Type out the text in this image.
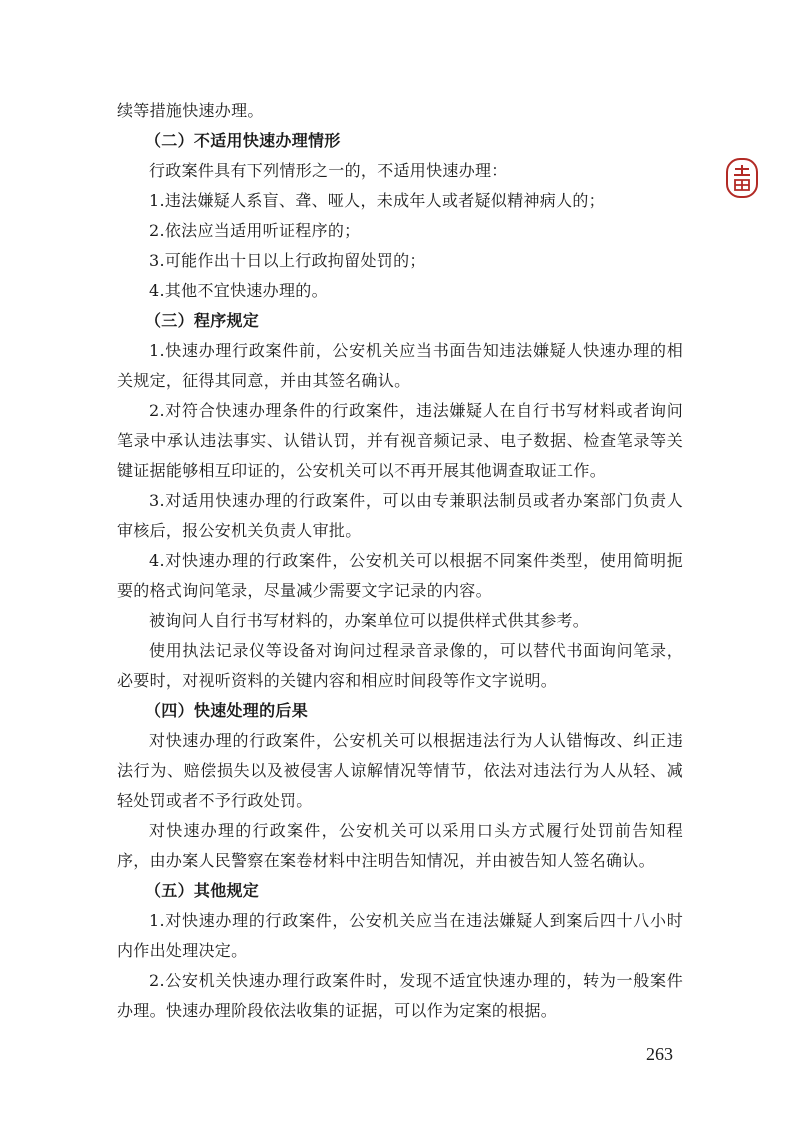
续等措施快速办理。

（二）不适用快速办理情形

行政案件具有下列情形之一的，不适用快速办理：

1.违法嫌疑人系盲、聋、哑人，未成年人或者疑似精神病人的；

2.依法应当适用听证程序的；

3.可能作出十日以上行政拘留处罚的；

4.其他不宜快速办理的。

（三）程序规定

1.快速办理行政案件前，公安机关应当书面告知违法嫌疑人快速办理的相关规定，征得其同意，并由其签名确认。

2.对符合快速办理条件的行政案件，违法嫌疑人在自行书写材料或者询问笔录中承认违法事实、认错认罚，并有视音频记录、电子数据、检查笔录等关键证据能够相互印证的，公安机关可以不再开展其他调查取证工作。

3.对适用快速办理的行政案件，可以由专兼职法制员或者办案部门负责人审核后，报公安机关负责人审批。

4.对快速办理的行政案件，公安机关可以根据不同案件类型，使用简明扼要的格式询问笔录，尽量减少需要文字记录的内容。

被询问人自行书写材料的，办案单位可以提供样式供其参考。

使用执法记录仪等设备对询问过程录音录像的，可以替代书面询问笔录，必要时，对视听资料的关键内容和相应时间段等作文字说明。

（四）快速处理的后果

对快速办理的行政案件，公安机关可以根据违法行为人认错悔改、纠正违法行为、赔偿损失以及被侵害人谅解情况等情节，依法对违法行为人从轻、减轻处罚或者不予行政处罚。

对快速办理的行政案件，公安机关可以采用口头方式履行处罚前告知程序，由办案人民警察在案卷材料中注明告知情况，并由被告知人签名确认。

（五）其他规定

1.对快速办理的行政案件，公安机关应当在违法嫌疑人到案后四十八小时内作出处理决定。

2.公安机关快速办理行政案件时，发现不适宜快速办理的，转为一般案件办理。快速办理阶段依法收集的证据，可以作为定案的根据。

263
